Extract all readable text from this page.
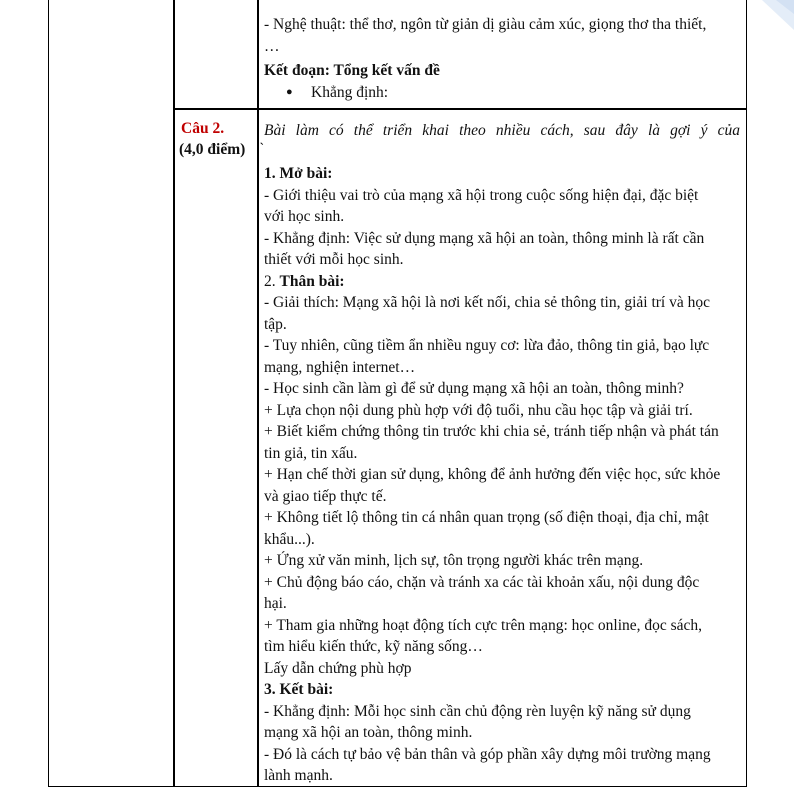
- Nghệ thuật: thể thơ, ngôn từ giản dị giàu cảm xúc, giọng thơ tha thiết,

…

Kết đoạn: Tổng kết vấn đề

● Khẳng định:

Câu 2.
(4,0 điểm)

Bài làm có thể triển khai theo nhiều cách, sau đây là gợi ý của

1. Mở bài:

- Giới thiệu vai trò của mạng xã hội trong cuộc sống hiện đại, đặc biệt

với học sinh.

- Khẳng định: Việc sử dụng mạng xã hội an toàn, thông minh là rất cần

thiết với mỗi học sinh.

2. Thân bài:

- Giải thích: Mạng xã hội là nơi kết nối, chia sẻ thông tin, giải trí và học

tập.

- Tuy nhiên, cũng tiềm ẩn nhiều nguy cơ: lừa đảo, thông tin giả, bạo lực

mạng, nghiện internet…

- Học sinh cần làm gì để sử dụng mạng xã hội an toàn, thông minh?

+ Lựa chọn nội dung phù hợp với độ tuổi, nhu cầu học tập và giải trí.

+ Biết kiểm chứng thông tin trước khi chia sẻ, tránh tiếp nhận và phát tán

tin giả, tin xấu.

+ Hạn chế thời gian sử dụng, không để ảnh hưởng đến việc học, sức khỏe

và giao tiếp thực tế.

+ Không tiết lộ thông tin cá nhân quan trọng (số điện thoại, địa chỉ, mật

khẩu...).

+ Ứng xử văn minh, lịch sự, tôn trọng người khác trên mạng.

+ Chủ động báo cáo, chặn và tránh xa các tài khoản xấu, nội dung độc

hại.

+ Tham gia những hoạt động tích cực trên mạng: học online, đọc sách,

tìm hiểu kiến thức, kỹ năng sống…

Lấy dẫn chứng phù hợp

3. Kết bài:

- Khẳng định: Mỗi học sinh cần chủ động rèn luyện kỹ năng sử dụng

mạng xã hội an toàn, thông minh.

- Đó là cách tự bảo vệ bản thân và góp phần xây dựng môi trường mạng

lành mạnh.
